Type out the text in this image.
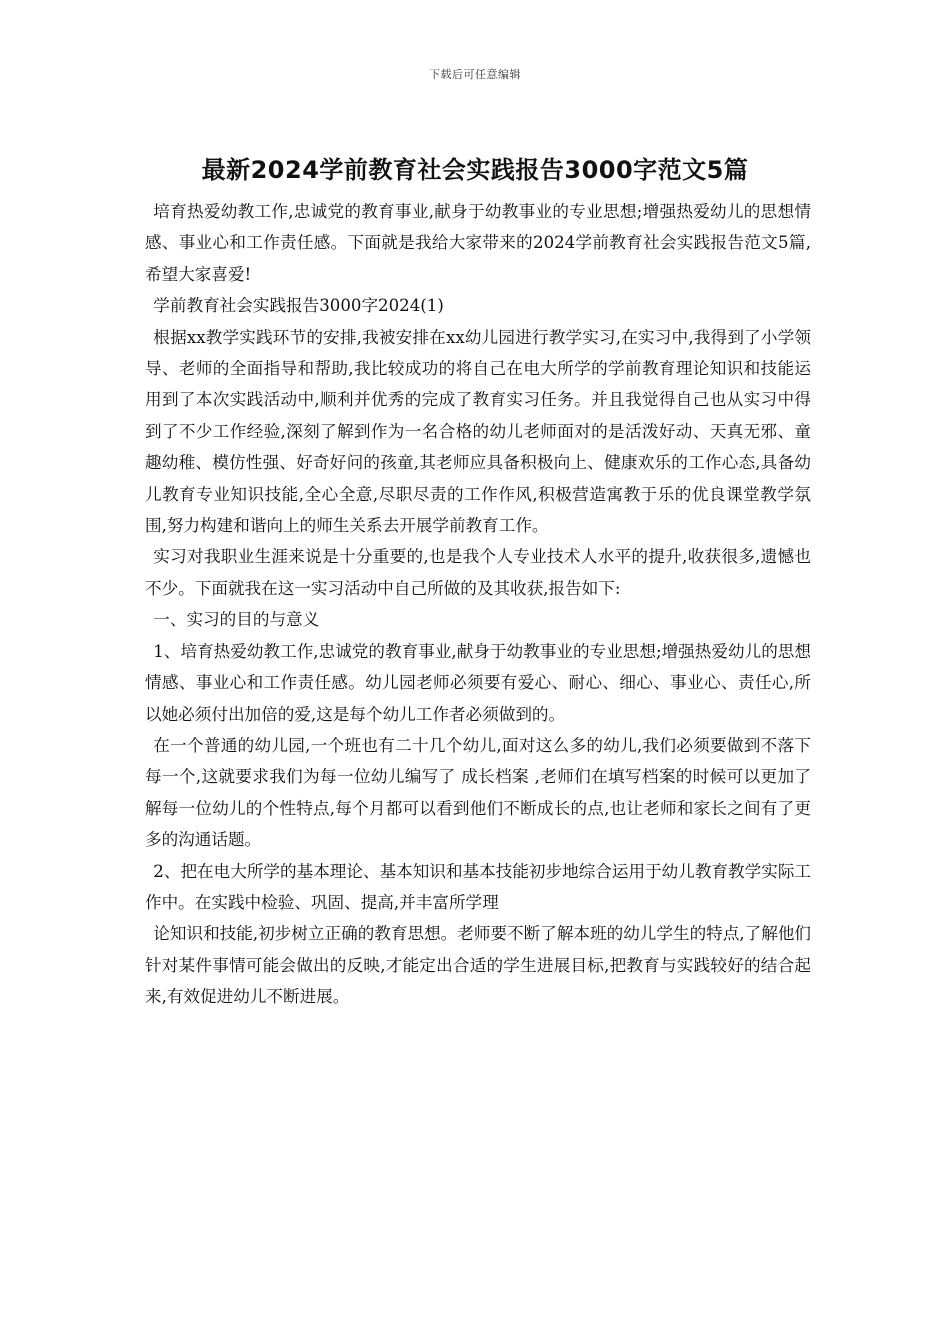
下载后可任意编辑
最新2024学前教育社会实践报告3000字范文5篇

培育热爱幼教工作,忠诚党的教育事业,献身于幼教事业的专业思想;增强热爱幼儿的思想情感、事业心和工作责任感。下面就是我给大家带来的2024学前教育社会实践报告范文5篇,希望大家喜爱!

学前教育社会实践报告3000字2024(1)

根据xx教学实践环节的安排,我被安排在xx幼儿园进行教学实习,在实习中,我得到了小学领导、老师的全面指导和帮助,我比较成功的将自己在电大所学的学前教育理论知识和技能运用到了本次实践活动中,顺利并优秀的完成了教育实习任务。并且我觉得自己也从实习中得到了不少工作经验,深刻了解到作为一名合格的幼儿老师面对的是活泼好动、天真无邪、童趣幼稚、模仿性强、好奇好问的孩童,其老师应具备积极向上、健康欢乐的工作心态,具备幼儿教育专业知识技能,全心全意,尽职尽责的工作作风,积极营造寓教于乐的优良课堂教学氛围,努力构建和谐向上的师生关系去开展学前教育工作。

实习对我职业生涯来说是十分重要的,也是我个人专业技术人水平的提升,收获很多,遗憾也不少。下面就我在这一实习活动中自己所做的及其收获,报告如下:

一、实习的目的与意义

1、培育热爱幼教工作,忠诚党的教育事业,献身于幼教事业的专业思想;增强热爱幼儿的思想情感、事业心和工作责任感。幼儿园老师必须要有爱心、耐心、细心、事业心、责任心,所以她必须付出加倍的爱,这是每个幼儿工作者必须做到的。

在一个普通的幼儿园,一个班也有二十几个幼儿,面对这么多的幼儿,我们必须要做到不落下每一个,这就要求我们为每一位幼儿编写了 成长档案 ,老师们在填写档案的时候可以更加了解每一位幼儿的个性特点,每个月都可以看到他们不断成长的点,也让老师和家长之间有了更多的沟通话题。

2、把在电大所学的基本理论、基本知识和基本技能初步地综合运用于幼儿教育教学实际工作中。在实践中检验、巩固、提高,并丰富所学理

论知识和技能,初步树立正确的教育思想。老师要不断了解本班的幼儿学生的特点,了解他们针对某件事情可能会做出的反映,才能定出合适的学生进展目标,把教育与实践较好的结合起来,有效促进幼儿不断进展。
